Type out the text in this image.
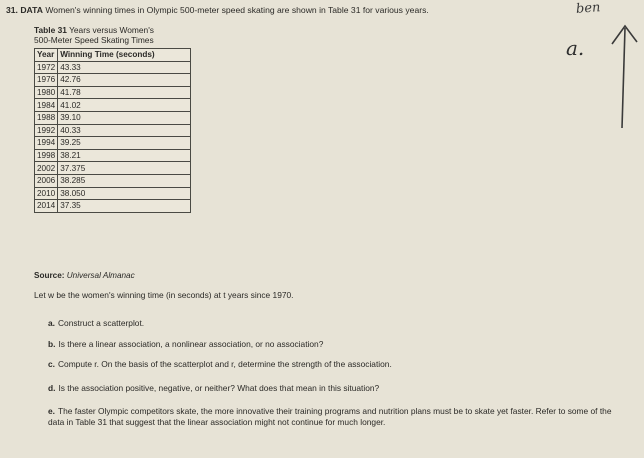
31. DATA Women's winning times in Olympic 500-meter speed skating are shown in Table 31 for various years.	ben
a.
Table 31 Years versus Women's
500-Meter Speed Skating Times
Year	Winning Time (seconds)
1972	43.33
1976	42.76
1980	41.78
1984	41.02
1988	39.10
1992	40.33
1994	39.25
1998	38.21
2002	37.375
2006	38.285
2010	38.050
2014	37.35
Source: Universal Almanac
Let w be the women's winning time (in seconds) at t years since 1970.
a. Construct a scatterplot.
b. Is there a linear association, a nonlinear association, or no association?
c. Compute r. On the basis of the scatterplot and r, determine the strength of the association.
d. Is the association positive, negative, or neither? What does that mean in this situation?
e. The faster Olympic competitors skate, the more innovative their training programs and nutrition plans must be to skate yet faster. Refer to some of the data in Table 31 that suggest that the linear association might not continue for much longer.
